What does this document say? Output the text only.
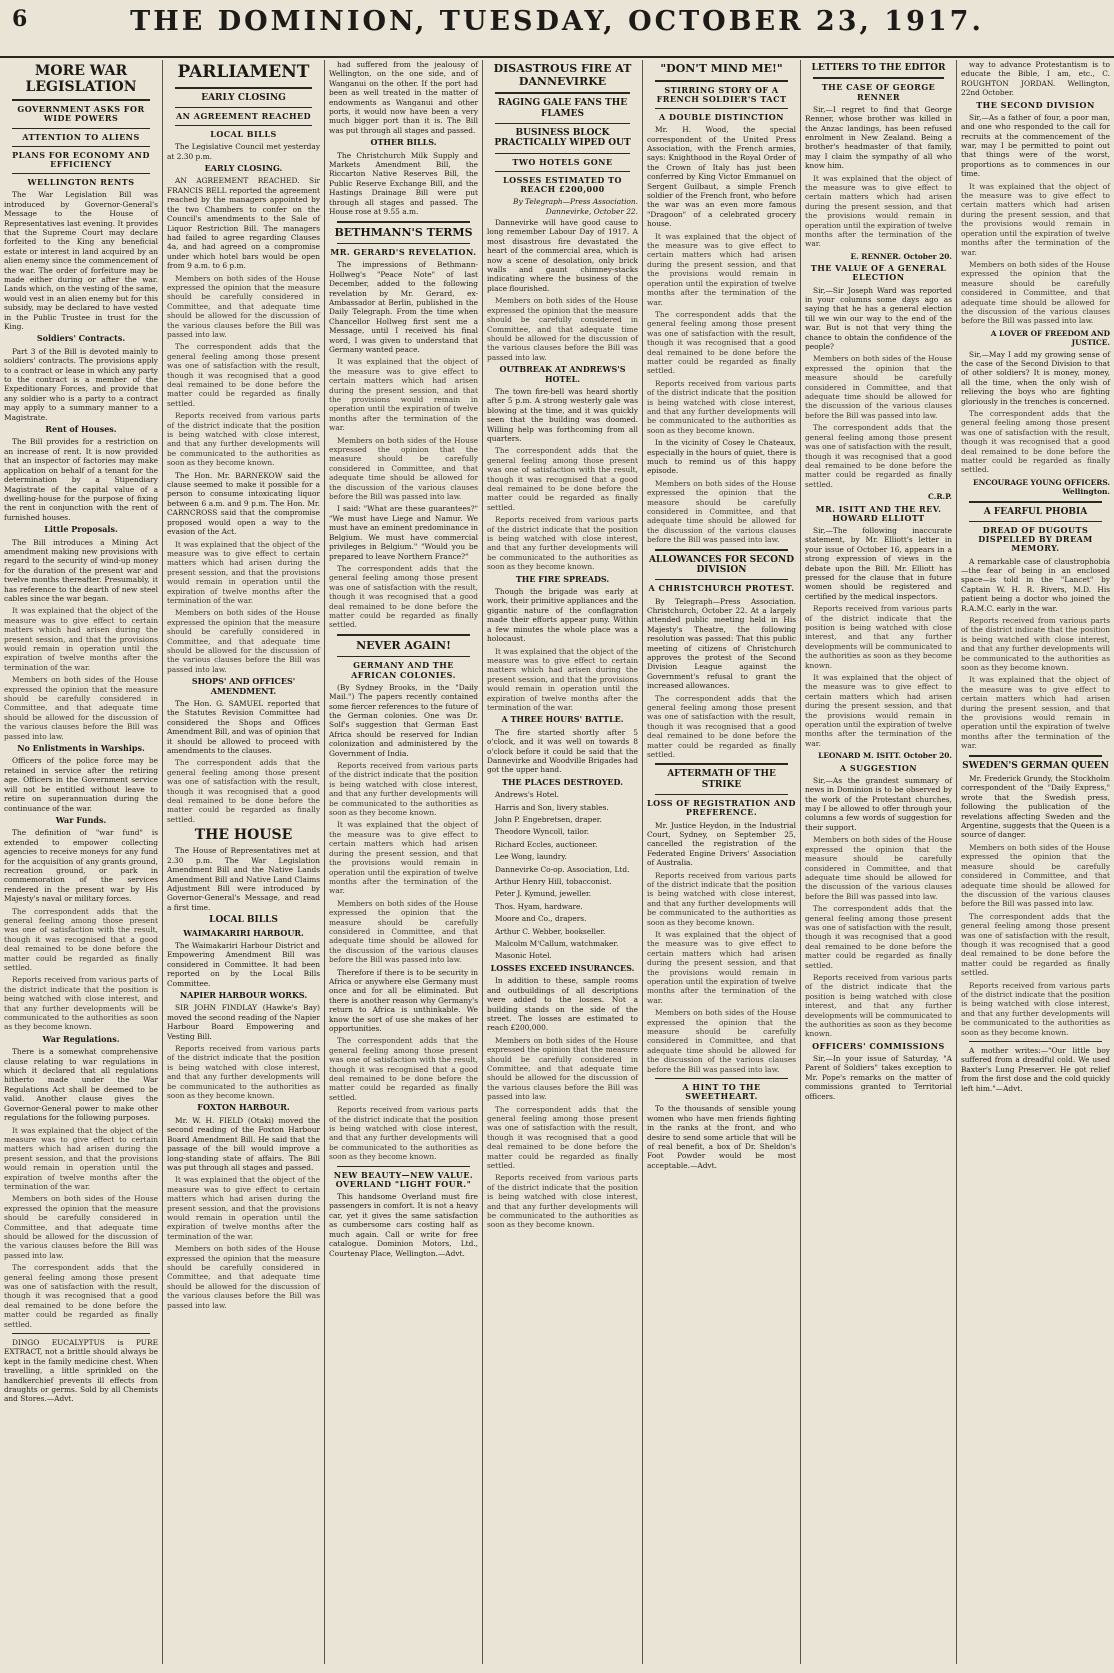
6	THE DOMINION, TUESDAY, OCTOBER 23, 1917.
MORE WAR LEGISLATION
GOVERNMENT ASKS FOR WIDE POWERS
ATTENTION TO ALIENS
PLANS FOR ECONOMY AND EFFICIENCY
WELLINGTON RENTS

The War Legislation Bill was introduced by Governor-General's Message to the House of Representatives last evening. It provides that the Supreme Court may declare forfeited to the King any beneficial estate or interest in land acquired by an alien enemy since the commencement of the war. The order of forfeiture may be made either during or after the war. Lands which, on the vesting of the same, would vest in an alien enemy but for this subsidy, may be declared to have vested in the Public Trustee in trust for the King.

Soldiers' Contracts.

Part 3 of the Bill is devoted mainly to soldiers' contracts. The provisions apply to a contract or lease in which any party to the contract is a member of the Expeditionary Forces, and provide that any soldier who is a party to a contract may apply to a summary manner to a Magistrate.

Rent of Houses.

The Bill provides for a restriction on an increase of rent. It is now provided that an inspector of factories may make application on behalf of a tenant for the determination by a Stipendiary Magistrate of the capital value of a dwelling-house for the purpose of fixing the rent in conjunction with the rent of furnished houses.

Little Proposals.

The Bill introduces a Mining Act amendment making new provisions with regard to the security of wind-up money for the duration of the present war and twelve months thereafter. Presumably, it has reference to the dearth of new steel cables since the war began.

It was explained that the object of the measure was to give effect to certain matters which had arisen during the present session, and that the provisions would remain in operation until the expiration of twelve months after the termination of the war.

Members on both sides of the House expressed the opinion that the measure should be carefully considered in Committee, and that adequate time should be allowed for the discussion of the various clauses before the Bill was passed into law.

No Enlistments in Warships.

Officers of the police force may be retained in service after the retiring age. Officers in the Government service will not be entitled without leave to retire on superannuation during the continuance of the war.

War Funds.

The definition of "war fund" is extended to empower collecting agencies to receive moneys for any fund for the acquisition of any grants ground, recreation ground, or park in commemoration of the services rendered in the present war by His Majesty's naval or military forces.

The correspondent adds that the general feeling among those present was one of satisfaction with the result, though it was recognised that a good deal remained to be done before the matter could be regarded as finally settled.

Reports received from various parts of the district indicate that the position is being watched with close interest, and that any further developments will be communicated to the authorities as soon as they become known.

War Regulations.

There is a somewhat comprehensive clause relating to war regulations in which it declared that all regulations hitherto made under the War Regulations Act shall be deemed to be valid. Another clause gives the Governor-General power to make other regulations for the following purposes.

It was explained that the object of the measure was to give effect to certain matters which had arisen during the present session, and that the provisions would remain in operation until the expiration of twelve months after the termination of the war.

Members on both sides of the House expressed the opinion that the measure should be carefully considered in Committee, and that adequate time should be allowed for the discussion of the various clauses before the Bill was passed into law.

The correspondent adds that the general feeling among those present was one of satisfaction with the result, though it was recognised that a good deal remained to be done before the matter could be regarded as finally settled.

DINGO EUCALYPTUS is PURE EXTRACT, not a brittle should always be kept in the family medicine chest. When travelling, a little sprinkled on the handkerchief prevents ill effects from draughts or germs. Sold by all Chemists and Stores.—Advt.

PARLIAMENT
EARLY CLOSING
AN AGREEMENT REACHED
LOCAL BILLS

The Legislative Council met yesterday at 2.30 p.m.

EARLY CLOSING.

AN AGREEMENT REACHED. Sir FRANCIS BELL reported the agreement reached by the managers appointed by the two Chambers to confer on the Council's amendments to the Sale of Liquor Restriction Bill. The managers had failed to agree regarding Clauses 4a, and had agreed on a compromise under which hotel bars would be open from 9 a.m. to 6 p.m.

Members on both sides of the House expressed the opinion that the measure should be carefully considered in Committee, and that adequate time should be allowed for the discussion of the various clauses before the Bill was passed into law.

The correspondent adds that the general feeling among those present was one of satisfaction with the result, though it was recognised that a good deal remained to be done before the matter could be regarded as finally settled.

Reports received from various parts of the district indicate that the position is being watched with close interest, and that any further developments will be communicated to the authorities as soon as they become known.

The Hon. Mr. BARNEKOW said the clause seemed to make it possible for a person to consume intoxicating liquor between 6 a.m. and 9 p.m. The Hon. Mr. CARNCROSS said that the compromise proposed would open a way to the evasion of the Act.

It was explained that the object of the measure was to give effect to certain matters which had arisen during the present session, and that the provisions would remain in operation until the expiration of twelve months after the termination of the war.

Members on both sides of the House expressed the opinion that the measure should be carefully considered in Committee, and that adequate time should be allowed for the discussion of the various clauses before the Bill was passed into law.

SHOPS' AND OFFICES' AMENDMENT.

The Hon. G. SAMUEL reported that the Statutes Revision Committee had considered the Shops and Offices Amendment Bill, and was of opinion that it should be allowed to proceed with amendments to the clauses.

The correspondent adds that the general feeling among those present was one of satisfaction with the result, though it was recognised that a good deal remained to be done before the matter could be regarded as finally settled.

THE HOUSE

The House of Representatives met at 2.30 p.m. The War Legislation Amendment Bill and the Native Lands Amendment Bill and Native Land Claims Adjustment Bill were introduced by Governor-General's Message, and read a first time.

LOCAL BILLS
WAIMAKARIRI HARBOUR.

The Waimakariri Harbour District and Empowering Amendment Bill was considered in Committee. It had been reported on by the Local Bills Committee.

NAPIER HARBOUR WORKS.

SIR JOHN FINDLAY (Hawke's Bay) moved the second reading of the Napier Harbour Board Empowering and Vesting Bill.

Reports received from various parts of the district indicate that the position is being watched with close interest, and that any further developments will be communicated to the authorities as soon as they become known.

FOXTON HARBOUR.

Mr. W. H. FIELD (Otaki) moved the second reading of the Foxton Harbour Board Amendment Bill. He said that the passage of the bill would improve a long-standing state of affairs. The Bill was put through all stages and passed.

It was explained that the object of the measure was to give effect to certain matters which had arisen during the present session, and that the provisions would remain in operation until the expiration of twelve months after the termination of the war.

Members on both sides of the House expressed the opinion that the measure should be carefully considered in Committee, and that adequate time should be allowed for the discussion of the various clauses before the Bill was passed into law.

had suffered from the jealousy of Wellington, on the one side, and of Wanganui on the other. If the port had been as well treated in the matter of endowments as Wanganui and other ports, it would now have been a very much bigger port than it is. The Bill was put through all stages and passed.

OTHER BILLS.

The Christchurch Milk Supply and Markets Amendment Bill, the Riccarton Native Reserves Bill, the Public Reserve Exchange Bill, and the Hastings Drainage Bill were put through all stages and passed. The House rose at 9.55 a.m.

BETHMANN'S TERMS
MR. GERARD'S REVELATION.

The impressions of Bethmann-Hollweg's "Peace Note" of last December, added to the following revelation by Mr. Gerard, ex-Ambassador at Berlin, published in the Daily Telegraph. From the time when Chancellor Hollweg first sent me a Message, until I received his final word, I was given to understand that Germany wanted peace.

It was explained that the object of the measure was to give effect to certain matters which had arisen during the present session, and that the provisions would remain in operation until the expiration of twelve months after the termination of the war.

Members on both sides of the House expressed the opinion that the measure should be carefully considered in Committee, and that adequate time should be allowed for the discussion of the various clauses before the Bill was passed into law.

I said: "What are these guarantees?" "We must have Liege and Namur. We must have an eminent predominance in Belgium. We must have commercial privileges in Belgium." "Would you be prepared to leave Northern France?"

The correspondent adds that the general feeling among those present was one of satisfaction with the result, though it was recognised that a good deal remained to be done before the matter could be regarded as finally settled.

NEVER AGAIN!
GERMANY AND THE AFRICAN COLONIES.

(By Sydney Brooks, in the "Daily Mail.") The papers recently contained some fiercer references to the future of the German colonies. One was Dr. Solf's suggestion that German East Africa should be reserved for Indian colonization and administered by the Government of India.

Reports received from various parts of the district indicate that the position is being watched with close interest, and that any further developments will be communicated to the authorities as soon as they become known.

It was explained that the object of the measure was to give effect to certain matters which had arisen during the present session, and that the provisions would remain in operation until the expiration of twelve months after the termination of the war.

Members on both sides of the House expressed the opinion that the measure should be carefully considered in Committee, and that adequate time should be allowed for the discussion of the various clauses before the Bill was passed into law.

Therefore if there is to be security in Africa or anywhere else Germany must once and for all be eliminated. But there is another reason why Germany's return to Africa is unthinkable. We know the sort of use she makes of her opportunities.

The correspondent adds that the general feeling among those present was one of satisfaction with the result, though it was recognised that a good deal remained to be done before the matter could be regarded as finally settled.

Reports received from various parts of the district indicate that the position is being watched with close interest, and that any further developments will be communicated to the authorities as soon as they become known.

NEW BEAUTY—NEW VALUE. OVERLAND "LIGHT FOUR."

This handsome Overland must fire passengers in comfort. It is not a heavy car, yet it gives the same satisfaction as cumbersome cars costing half as much again. Call or write for free catalogue. Dominion Motors, Ltd., Courtenay Place, Wellington.—Advt.

DISASTROUS FIRE AT DANNEVIRKE
RAGING GALE FANS THE FLAMES
BUSINESS BLOCK PRACTICALLY WIPED OUT
TWO HOTELS GONE
LOSSES ESTIMATED TO REACH £200,000
By Telegraph—Press Association. Dannevirke, October 22.

Dannevirke will have good cause to long remember Labour Day of 1917. A most disastrous fire devastated the heart of the commercial area, which is now a scene of desolation, only brick walls and gaunt chimney-stacks indicating where the business of the place flourished.

Members on both sides of the House expressed the opinion that the measure should be carefully considered in Committee, and that adequate time should be allowed for the discussion of the various clauses before the Bill was passed into law.

OUTBREAK AT ANDREWS'S HOTEL.

The town fire-bell was heard shortly after 5 p.m. A strong westerly gale was blowing at the time, and it was quickly seen that the building was doomed. Willing help was forthcoming from all quarters.

The correspondent adds that the general feeling among those present was one of satisfaction with the result, though it was recognised that a good deal remained to be done before the matter could be regarded as finally settled.

Reports received from various parts of the district indicate that the position is being watched with close interest, and that any further developments will be communicated to the authorities as soon as they become known.

THE FIRE SPREADS.

Though the brigade was early at work, their primitive appliances and the gigantic nature of the conflagration made their efforts appear puny. Within a few minutes the whole place was a holocaust.

It was explained that the object of the measure was to give effect to certain matters which had arisen during the present session, and that the provisions would remain in operation until the expiration of twelve months after the termination of the war.

A THREE HOURS' BATTLE.

The fire started shortly after 5 o'clock, and it was well on towards 8 o'clock before it could be said that the Dannevirke and Woodville Brigades had got the upper hand.

THE PLACES DESTROYED.

Andrews's Hotel.

Harris and Son, livery stables.

John P. Engebretsen, draper.

Theodore Wyncoll, tailor.

Richard Eccles, auctioneer.

Lee Wong, laundry.

Dannevirke Co-op. Association, Ltd.

Arthur Henry Hill, tobacconist.

Peter J. Kymund, jeweller.

Thos. Hyam, hardware.

Moore and Co., drapers.

Arthur C. Webber, bookseller.

Malcolm M'Callum, watchmaker.

Masonic Hotel.

LOSSES EXCEED INSURANCES.

In addition to these, sample rooms and outbuildings of all descriptions were added to the losses. Not a building stands on the side of the street. The losses are estimated to reach £200,000.

Members on both sides of the House expressed the opinion that the measure should be carefully considered in Committee, and that adequate time should be allowed for the discussion of the various clauses before the Bill was passed into law.

The correspondent adds that the general feeling among those present was one of satisfaction with the result, though it was recognised that a good deal remained to be done before the matter could be regarded as finally settled.

Reports received from various parts of the district indicate that the position is being watched with close interest, and that any further developments will be communicated to the authorities as soon as they become known.

"DON'T MIND ME!"
STIRRING STORY OF A FRENCH SOLDIER'S TACT
A DOUBLE DISTINCTION

Mr. H. Wood, the special correspondent of the United Press Association, with the French armies, says: Knighthood in the Royal Order of the Crown of Italy has just been conferred by King Victor Emmanuel on Sergent Guilbaut, a simple French soldier of the French front, who before the war was an even more famous "Dragoon" of a celebrated grocery house.

It was explained that the object of the measure was to give effect to certain matters which had arisen during the present session, and that the provisions would remain in operation until the expiration of twelve months after the termination of the war.

The correspondent adds that the general feeling among those present was one of satisfaction with the result, though it was recognised that a good deal remained to be done before the matter could be regarded as finally settled.

Reports received from various parts of the district indicate that the position is being watched with close interest, and that any further developments will be communicated to the authorities as soon as they become known.

In the vicinity of Cosey le Chateaux, especially in the hours of quiet, there is much to remind us of this happy episode.

Members on both sides of the House expressed the opinion that the measure should be carefully considered in Committee, and that adequate time should be allowed for the discussion of the various clauses before the Bill was passed into law.

ALLOWANCES FOR SECOND DIVISION
A CHRISTCHURCH PROTEST.

By Telegraph—Press Association. Christchurch, October 22. At a largely attended public meeting held in His Majesty's Theatre, the following resolution was passed: That this public meeting of citizens of Christchurch approves the protest of the Second Division League against the Government's refusal to grant the increased allowances.

The correspondent adds that the general feeling among those present was one of satisfaction with the result, though it was recognised that a good deal remained to be done before the matter could be regarded as finally settled.

AFTERMATH OF THE STRIKE
LOSS OF REGISTRATION AND PREFERENCE.

Mr. Justice Heydon, in the Industrial Court, Sydney, on September 25, cancelled the registration of the Federated Engine Drivers' Association of Australia.

Reports received from various parts of the district indicate that the position is being watched with close interest, and that any further developments will be communicated to the authorities as soon as they become known.

It was explained that the object of the measure was to give effect to certain matters which had arisen during the present session, and that the provisions would remain in operation until the expiration of twelve months after the termination of the war.

Members on both sides of the House expressed the opinion that the measure should be carefully considered in Committee, and that adequate time should be allowed for the discussion of the various clauses before the Bill was passed into law.

A HINT TO THE SWEETHEART.

To the thousands of sensible young women who have men friends fighting in the ranks at the front, and who desire to send some article that will be of real benefit, a box of Dr. Sheldon's Foot Powder would be most acceptable.—Advt.

LETTERS TO THE EDITOR
THE CASE OF GEORGE RENNER

Sir,—I regret to find that George Renner, whose brother was killed in the Anzac landings, has been refused enrolment in New Zealand. Being a brother's headmaster of that family, may I claim the sympathy of all who know him.

It was explained that the object of the measure was to give effect to certain matters which had arisen during the present session, and that the provisions would remain in operation until the expiration of twelve months after the termination of the war.

E. RENNER. October 20.
THE VALUE OF A GENERAL ELECTION

Sir,—Sir Joseph Ward was reported in your columns some days ago as saying that he has a general election till we win our way to the end of the war. But is not that very thing the chance to obtain the confidence of the people?

Members on both sides of the House expressed the opinion that the measure should be carefully considered in Committee, and that adequate time should be allowed for the discussion of the various clauses before the Bill was passed into law.

The correspondent adds that the general feeling among those present was one of satisfaction with the result, though it was recognised that a good deal remained to be done before the matter could be regarded as finally settled.

C.R.P.
MR. ISITT AND THE REV. HOWARD ELLIOTT

Sir,—The following inaccurate statement, by Mr. Elliott's letter in your issue of October 16, appears in a strong expression of views in the debate upon the Bill. Mr. Elliott has pressed for the clause that in future women should be registered and certified by the medical inspectors.

Reports received from various parts of the district indicate that the position is being watched with close interest, and that any further developments will be communicated to the authorities as soon as they become known.

It was explained that the object of the measure was to give effect to certain matters which had arisen during the present session, and that the provisions would remain in operation until the expiration of twelve months after the termination of the war.

LEONARD M. ISITT. October 20.
A SUGGESTION

Sir,—As the grandest summary of news in Dominion is to be observed by the work of the Protestant churches, may I be allowed to offer through your columns a few words of suggestion for their support.

Members on both sides of the House expressed the opinion that the measure should be carefully considered in Committee, and that adequate time should be allowed for the discussion of the various clauses before the Bill was passed into law.

The correspondent adds that the general feeling among those present was one of satisfaction with the result, though it was recognised that a good deal remained to be done before the matter could be regarded as finally settled.

Reports received from various parts of the district indicate that the position is being watched with close interest, and that any further developments will be communicated to the authorities as soon as they become known.

OFFICERS' COMMISSIONS

Sir,—In your issue of Saturday, "A Parent of Soldiers" takes exception to Mr. Pope's remarks on the matter of commissions granted to Territorial officers.

way to advance Protestantism is to educate the Bible, I am, etc., C. ROUGHTON JORDAN. Wellington, 22nd October.

THE SECOND DIVISION

Sir,—As a father of four, a poor man, and one who responded to the call for recruits at the commencement of the war, may I be permitted to point out that things were of the worst, proportions as to commences in our time.

It was explained that the object of the measure was to give effect to certain matters which had arisen during the present session, and that the provisions would remain in operation until the expiration of twelve months after the termination of the war.

Members on both sides of the House expressed the opinion that the measure should be carefully considered in Committee, and that adequate time should be allowed for the discussion of the various clauses before the Bill was passed into law.

A LOVER OF FREEDOM AND JUSTICE.

Sir,—May I add my growing sense of the case of the Second Division to that of other soldiers? It is money, money, all the time, when the only wish of relieving the boys who are fighting gloriously in the trenches is concerned.

The correspondent adds that the general feeling among those present was one of satisfaction with the result, though it was recognised that a good deal remained to be done before the matter could be regarded as finally settled.

ENCOURAGE YOUNG OFFICERS. Wellington.
A FEARFUL PHOBIA
DREAD OF DUGOUTS DISPELLED BY DREAM MEMORY.

A remarkable case of claustrophobia—the fear of being in an enclosed space—is told in the "Lancet" by Captain W. H. R. Rivers, M.D. His patient being a doctor who joined the R.A.M.C. early in the war.

Reports received from various parts of the district indicate that the position is being watched with close interest, and that any further developments will be communicated to the authorities as soon as they become known.

It was explained that the object of the measure was to give effect to certain matters which had arisen during the present session, and that the provisions would remain in operation until the expiration of twelve months after the termination of the war.

SWEDEN'S GERMAN QUEEN

Mr. Frederick Grundy, the Stockholm correspondent of the "Daily Express," wrote that the Swedish press, following the publication of the revelations affecting Sweden and the Argentine, suggests that the Queen is a source of danger.

Members on both sides of the House expressed the opinion that the measure should be carefully considered in Committee, and that adequate time should be allowed for the discussion of the various clauses before the Bill was passed into law.

The correspondent adds that the general feeling among those present was one of satisfaction with the result, though it was recognised that a good deal remained to be done before the matter could be regarded as finally settled.

Reports received from various parts of the district indicate that the position is being watched with close interest, and that any further developments will be communicated to the authorities as soon as they become known.

A mother writes:—"Our little boy suffered from a dreadful cold. We used Baxter's Lung Preserver. He got relief from the first dose and the cold quickly left him."—Advt.
